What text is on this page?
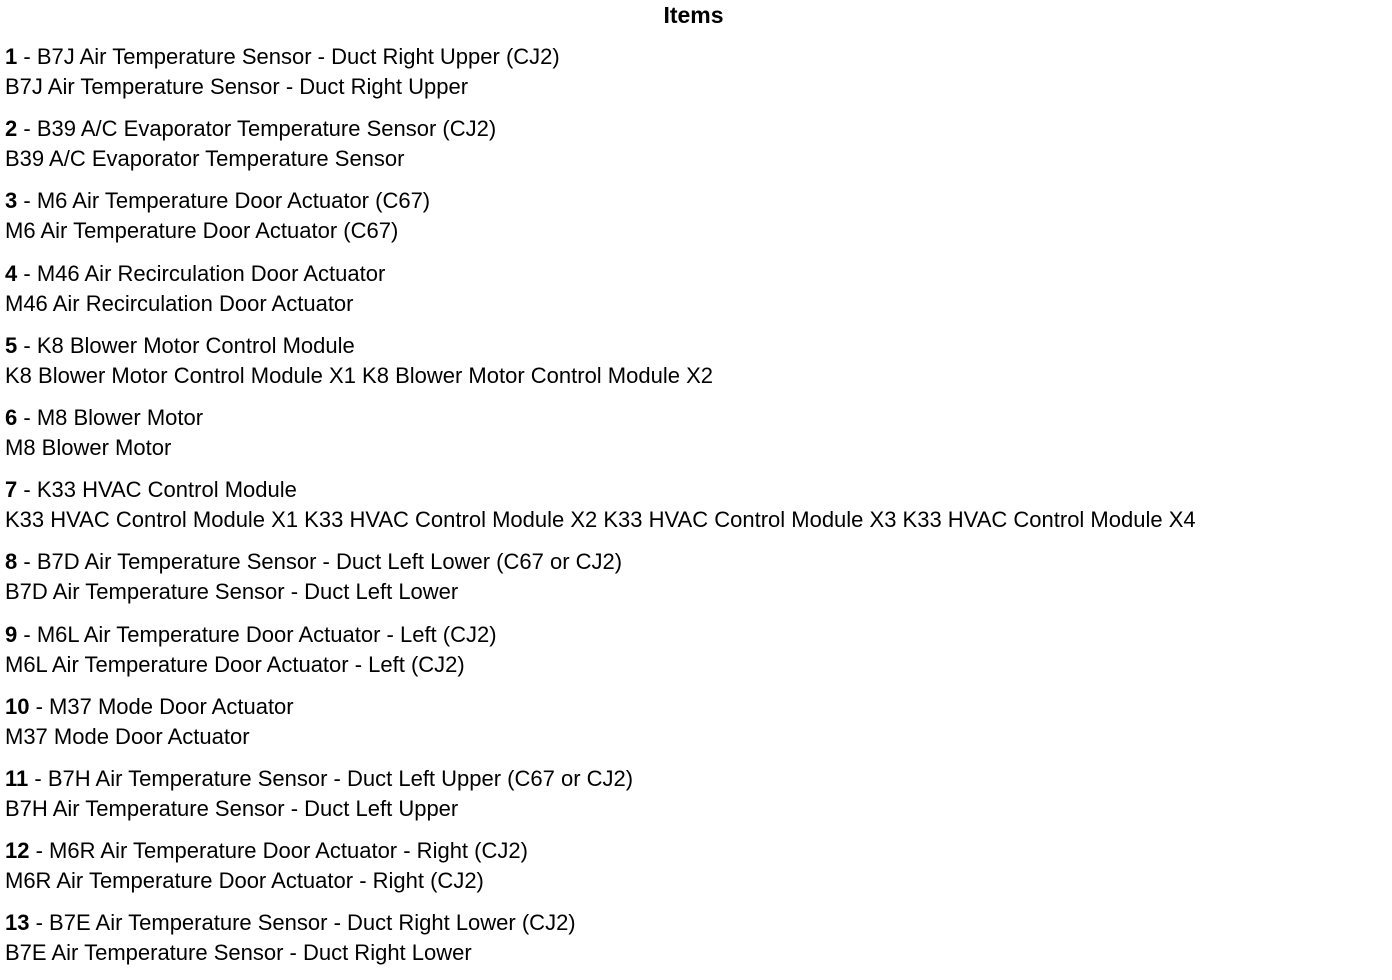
Items
1 - B7J Air Temperature Sensor - Duct Right Upper (CJ2)
B7J Air Temperature Sensor - Duct Right Upper
2 - B39 A/C Evaporator Temperature Sensor (CJ2)
B39 A/C Evaporator Temperature Sensor
3 - M6 Air Temperature Door Actuator (C67)
M6 Air Temperature Door Actuator (C67)
4 - M46 Air Recirculation Door Actuator
M46 Air Recirculation Door Actuator
5 - K8 Blower Motor Control Module
K8 Blower Motor Control Module X1 K8 Blower Motor Control Module X2
6 - M8 Blower Motor
M8 Blower Motor
7 - K33 HVAC Control Module
K33 HVAC Control Module X1 K33 HVAC Control Module X2 K33 HVAC Control Module X3 K33 HVAC Control Module X4
8 - B7D Air Temperature Sensor - Duct Left Lower (C67 or CJ2)
B7D Air Temperature Sensor - Duct Left Lower
9 - M6L Air Temperature Door Actuator - Left (CJ2)
M6L Air Temperature Door Actuator - Left (CJ2)
10 - M37 Mode Door Actuator
M37 Mode Door Actuator
11 - B7H Air Temperature Sensor - Duct Left Upper (C67 or CJ2)
B7H Air Temperature Sensor - Duct Left Upper
12 - M6R Air Temperature Door Actuator - Right (CJ2)
M6R Air Temperature Door Actuator - Right (CJ2)
13 - B7E Air Temperature Sensor - Duct Right Lower (CJ2)
B7E Air Temperature Sensor - Duct Right Lower
